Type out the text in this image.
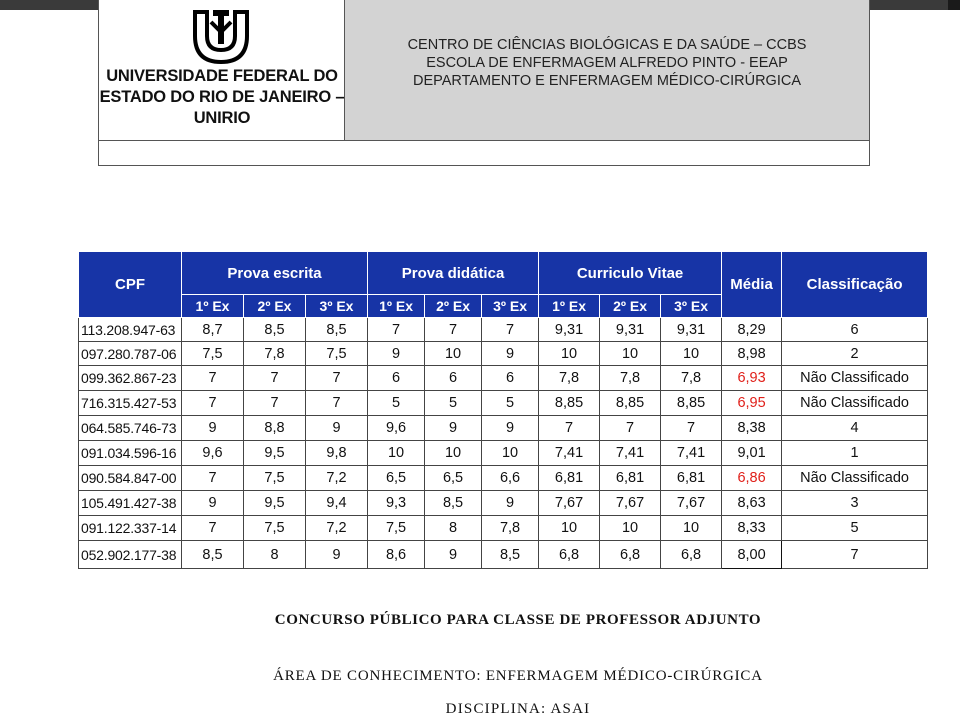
UNIVERSIDADE FEDERAL DO
ESTADO DO RIO DE JANEIRO –
UNIRIO
CENTRO DE CIÊNCIAS BIOLÓGICAS E DA SAÚDE – CCBS
ESCOLA DE ENFERMAGEM ALFREDO PINTO - EEAP
DEPARTAMENTO E ENFERMAGEM MÉDICO-CIRÚRGICA
CPF	Prova escrita			Prova didática			Curriculo Vitae			Média	Classificação
	1º Ex	2º Ex	3º Ex	1º Ex	2º Ex	3º Ex	1º Ex	2º Ex	3º Ex		
113.208.947-63	8,7	8,5	8,5	7	7	7	9,31	9,31	9,31	8,29	6
097.280.787-06	7,5	7,8	7,5	9	10	9	10	10	10	8,98	2
099.362.867-23	7	7	7	6	6	6	7,8	7,8	7,8	6,93	Não Classificado
716.315.427-53	7	7	7	5	5	5	8,85	8,85	8,85	6,95	Não Classificado
064.585.746-73	9	8,8	9	9,6	9	9	7	7	7	8,38	4
091.034.596-16	9,6	9,5	9,8	10	10	10	7,41	7,41	7,41	9,01	1
090.584.847-00	7	7,5	7,2	6,5	6,5	6,6	6,81	6,81	6,81	6,86	Não Classificado
105.491.427-38	9	9,5	9,4	9,3	8,5	9	7,67	7,67	7,67	8,63	3
091.122.337-14	7	7,5	7,2	7,5	8	7,8	10	10	10	8,33	5
052.902.177-38	8,5	8	9	8,6	9	8,5	6,8	6,8	6,8	8,00	7
CONCURSO PÚBLICO PARA CLASSE DE PROFESSOR ADJUNTO
ÁREA DE CONHECIMENTO: ENFERMAGEM MÉDICO-CIRÚRGICA
DISCIPLINA: ASAI
